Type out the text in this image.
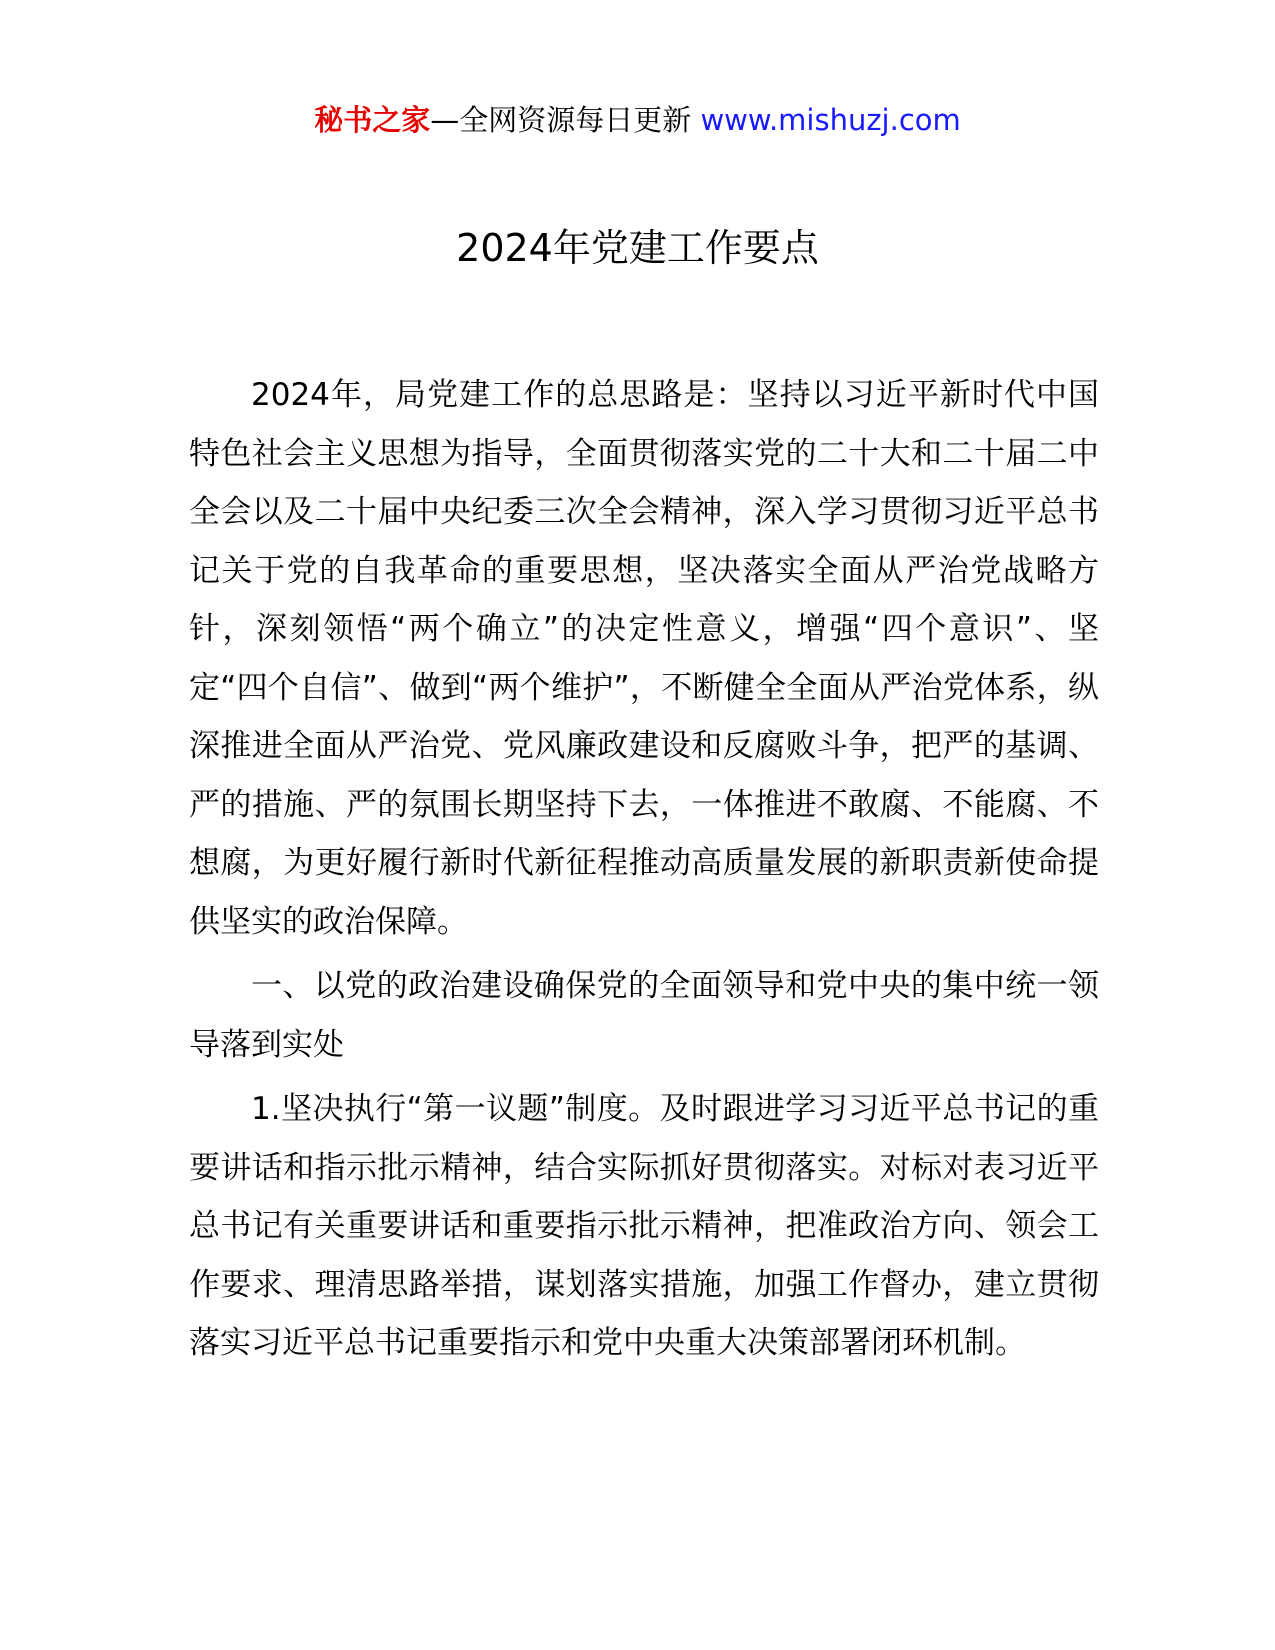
秘书之家—全网资源每日更新 www.mishuzj.com
2024年党建工作要点

2024年，局党建工作的总思路是：坚持以习近平新时代中国特色社会主义思想为指导，全面贯彻落实党的二十大和二十届二中全会以及二十届中央纪委三次全会精神，深入学习贯彻习近平总书记关于党的自我革命的重要思想，坚决落实全面从严治党战略方针，深刻领悟“两个确立”的决定性意义，增强“四个意识”、坚定“四个自信”、做到“两个维护”，不断健全全面从严治党体系，纵深推进全面从严治党、党风廉政建设和反腐败斗争，把严的基调、严的措施、严的氛围长期坚持下去，一体推进不敢腐、不能腐、不想腐，为更好履行新时代新征程推动高质量发展的新职责新使命提供坚实的政治保障。

一、以党的政治建设确保党的全面领导和党中央的集中统一领导落到实处

1.坚决执行“第一议题”制度。及时跟进学习习近平总书记的重要讲话和指示批示精神，结合实际抓好贯彻落实。对标对表习近平总书记有关重要讲话和重要指示批示精神，把准政治方向、领会工作要求、理清思路举措，谋划落实措施，加强工作督办，建立贯彻落实习近平总书记重要指示和党中央重大决策部署闭环机制。
